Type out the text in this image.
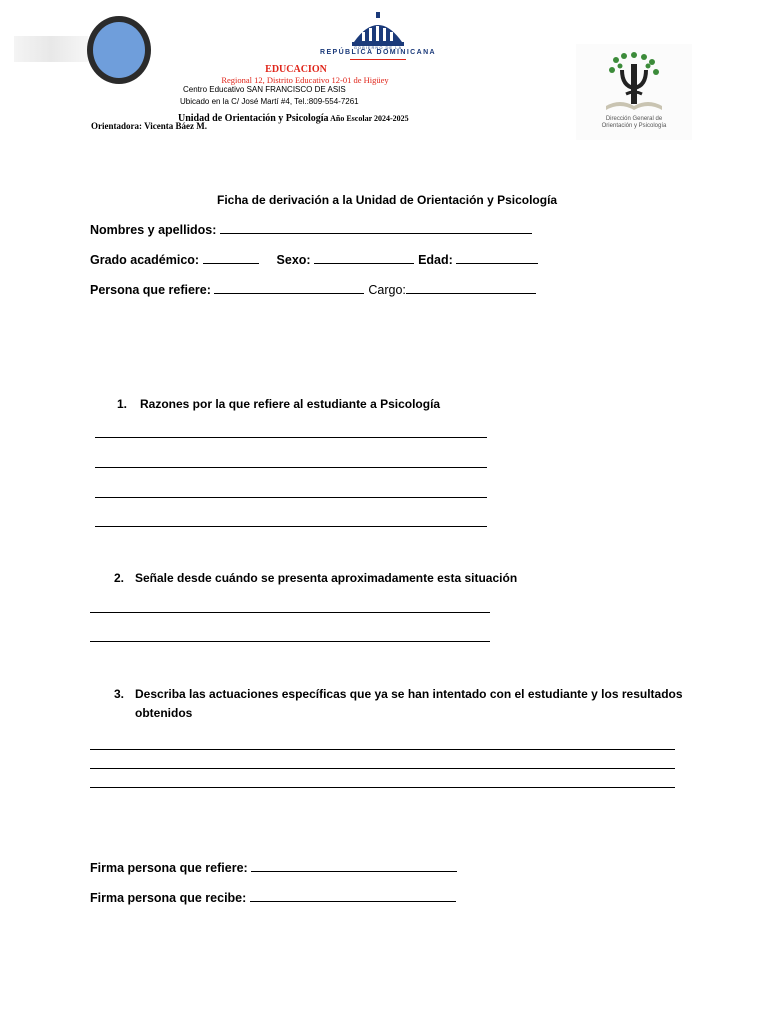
GOBIERNO DE LA
REPÚBLICA DOMINICANA
EDUCACION
Regional 12, Distrito Educativo 12-01 de Higüey
Centro Educativo SAN FRANCISCO DE ASIS
Ubicado en la C/ José Martí #4, Tel.:809-554-7261
Unidad de Orientación y Psicología Año Escolar 2024-2025
Orientadora: Vicenta Báez M.
Dirección General de
Orientación y Psicología
Ficha de derivación a la Unidad de Orientación y Psicología
Nombres y apellidos:
Grado académico:	Sexo:	Edad:
Persona que refiere:	Cargo:
1. Razones por la que refiere al estudiante a Psicología
2. Señale desde cuándo se presenta aproximadamente esta situación
3. Describa las actuaciones específicas que ya se han intentado con el estudiante y los resultados
obtenidos
Firma persona que refiere:
Firma persona que recibe:
